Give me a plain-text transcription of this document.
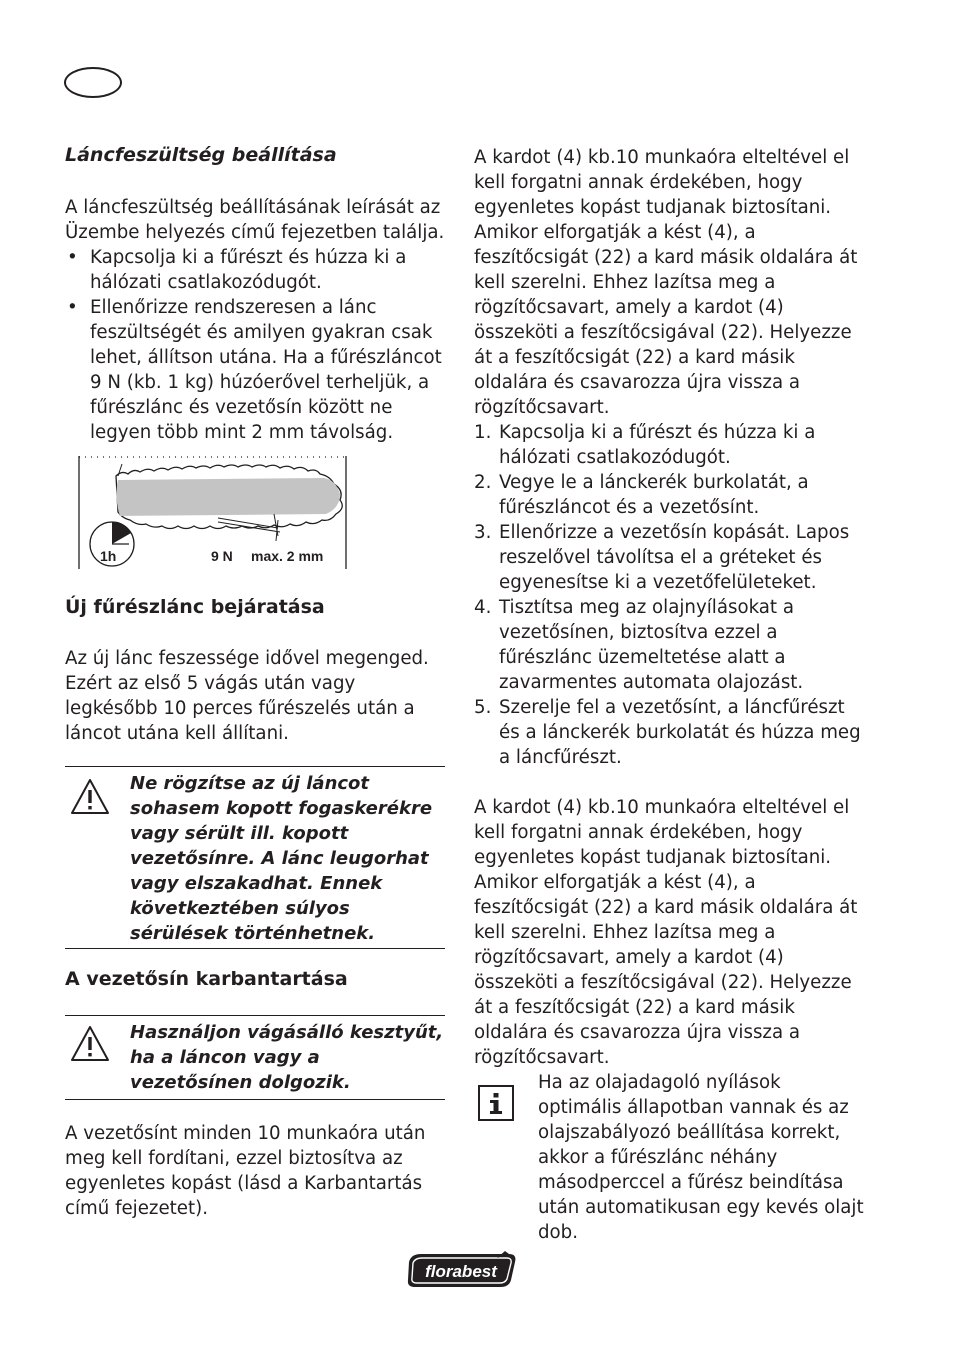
Láncfeszültség beállítása

A láncfeszültség beállításának leírását az Üzembe helyezés című fejezetben találja.

• Kapcsolja ki a fűrészt és húzza ki a hálózati csatlakozódugót.
• Ellenőrizze rendszeresen a lánc feszültségét és amilyen gyakran csak lehet, állítson utána. Ha a fűrészláncot 9 N (kb. 1 kg) húzóerővel terheljük, a fűrészlánc és vezetősín között ne legyen több mint 2 mm távolság.
1h	9 N max. 2 mm
Új fűrészlánc bejáratása

Az új lánc feszessége idővel megenged. Ezért az első 5 vágás után vagy legkésőbb 10 perces fűrészelés után a láncot utána kell állítani.

Ne rögzítse az új láncot sohasem kopott fogaskerékre vagy sérült ill. kopott vezetősínre. A lánc leugorhat vagy elszakadhat. Ennek következtében súlyos sérülések történhetnek.
A vezetősín karbantartása
Használjon vágásálló kesztyűt, ha a láncon vagy a vezetősínen dolgozik.

A vezetősínt minden 10 munkaóra után meg kell fordítani, ezzel biztosítva az egyenletes kopást (lásd a Karbantartás című fejezetet).

A kardot (4) kb.10 munkaóra elteltével el kell forgatni annak érdekében, hogy egyenletes kopást tudjanak biztosítani. Amikor elforgatják a kést (4), a feszítőcsigát (22) a kard másik oldalára át kell szerelni. Ehhez lazítsa meg a rögzítőcsavart, amely a kardot (4) összeköti a feszítőcsigával (22). Helyezze át a feszítőcsigát (22) a kard másik oldalára és csavarozza újra vissza a rögzítőcsavart.

1. Kapcsolja ki a fűrészt és húzza ki a hálózati csatlakozódugót.
2. Vegye le a lánckerék burkolatát, a fűrészláncot és a vezetősínt.
3. Ellenőrizze a vezetősín kopását. Lapos reszelővel távolítsa el a gréteket és egyenesítse ki a vezetőfelületeket.
4. Tisztítsa meg az olajnyílásokat a vezetősínen, biztosítva ezzel a fűrészlánc üzemeltetése alatt a zavarmentes automata olajozást.
5. Szerelje fel a vezetősínt, a láncfűrészt és a lánckerék burkolatát és húzza meg a láncfűrészt.

A kardot (4) kb.10 munkaóra elteltével el kell forgatni annak érdekében, hogy egyenletes kopást tudjanak biztosítani. Amikor elforgatják a kést (4), a feszítőcsigát (22) a kard másik oldalára át kell szerelni. Ehhez lazítsa meg a rögzítőcsavart, amely a kardot (4) összeköti a feszítőcsigával (22). Helyezze át a feszítőcsigát (22) a kard másik oldalára és csavarozza újra vissza a rögzítőcsavart.

Ha az olajadagoló nyílások optimális állapotban vannak és az olajszabályozó beállítása korrekt, akkor a fűrészlánc néhány másodperccel a fűrész beindítása után automatikusan egy kevés olajt dob.

florabest
